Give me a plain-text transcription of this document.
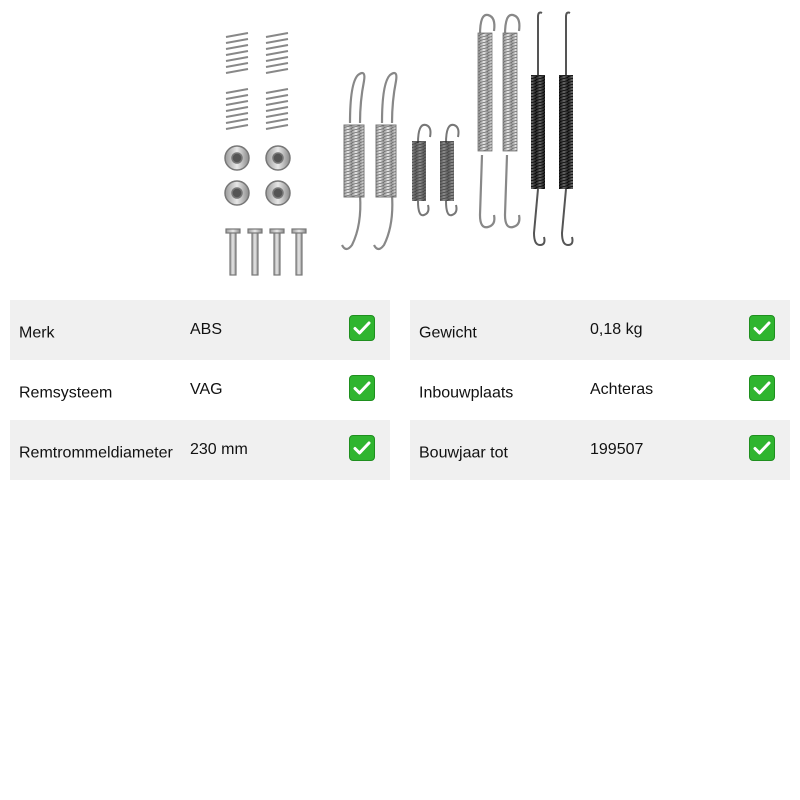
Merk	ABS
Remsysteem	VAG
Remtrommeldiameter 230 mm
Gewicht	0,18 kg
Inbouwplaats	Achteras
Bouwjaar tot	199507
